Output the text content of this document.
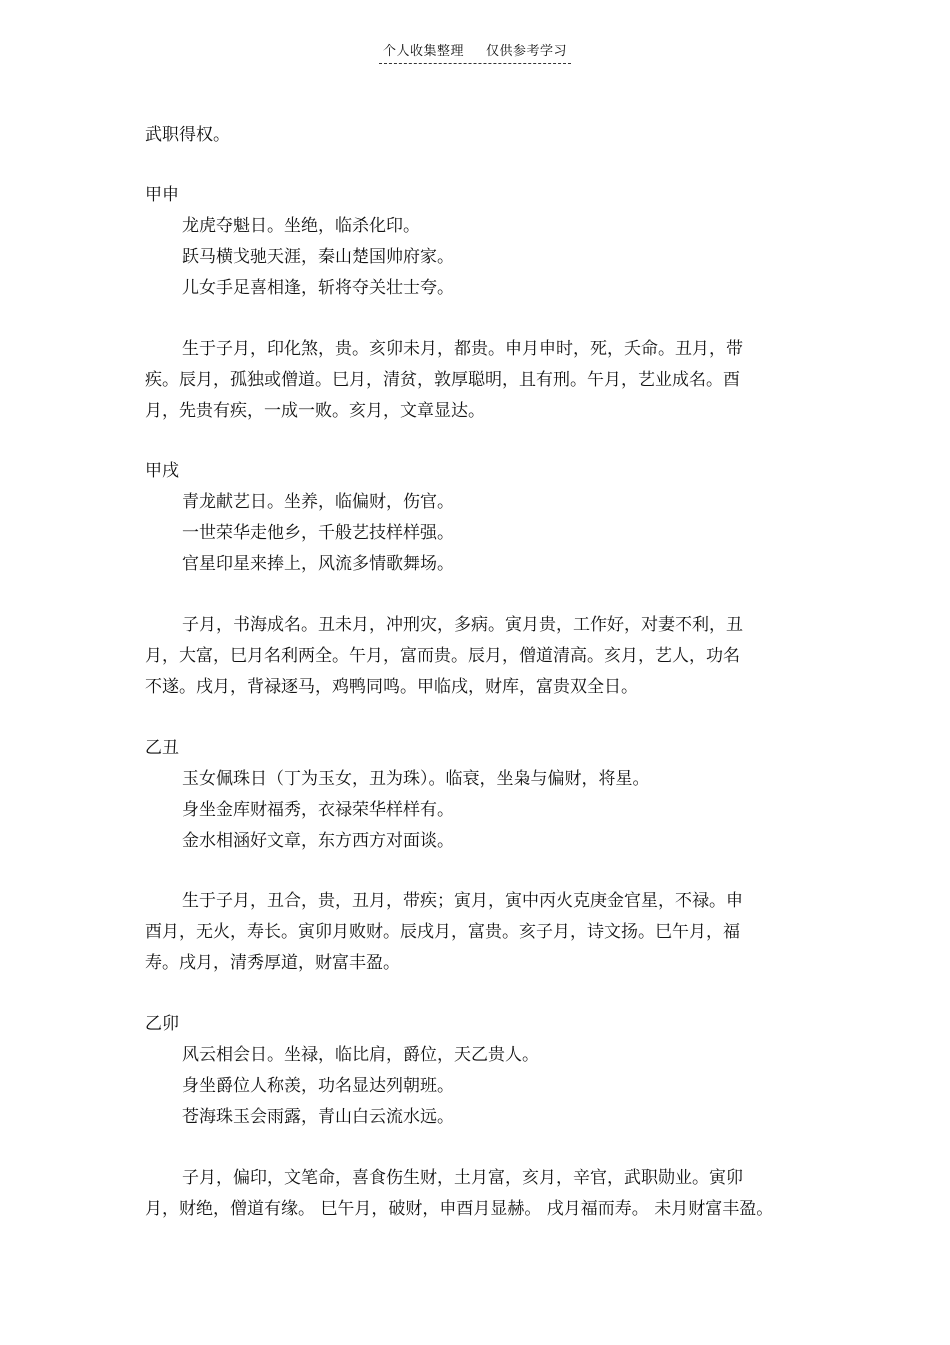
个人收集整理 仅供参考学习
武职得权。
甲申
龙虎夺魁日。坐绝，临杀化印。
跃马横戈驰天涯，秦山楚国帅府家。
儿女手足喜相逢，斩将夺关壮士夸。
生于子月，印化煞，贵。亥卯未月，都贵。申月申时，死，夭命。丑月，带
疾。辰月，孤独或僧道。巳月，清贫，敦厚聪明，且有刑。午月，艺业成名。酉
月，先贵有疾，一成一败。亥月，文章显达。
甲戌
青龙献艺日。坐养，临偏财，伤官。
一世荣华走他乡，千般艺技样样强。
官星印星来捧上，风流多情歌舞场。
子月，书海成名。丑未月，冲刑灾，多病。寅月贵，工作好，对妻不利，丑
月，大富，巳月名利两全。午月，富而贵。辰月，僧道清高。亥月，艺人，功名
不遂。戌月，背禄逐马，鸡鸭同鸣。甲临戌，财库，富贵双全日。
乙丑
玉女佩珠日（丁为玉女，丑为珠）。临衰，坐枭与偏财，将星。
身坐金库财福秀，衣禄荣华样样有。
金水相涵好文章，东方西方对面谈。
生于子月，丑合，贵，丑月，带疾；寅月，寅中丙火克庚金官星，不禄。申
酉月，无火，寿长。寅卯月败财。辰戌月，富贵。亥子月，诗文扬。巳午月，福
寿。戌月，清秀厚道，财富丰盈。
乙卯
风云相会日。坐禄，临比肩，爵位，天乙贵人。
身坐爵位人称羡，功名显达列朝班。
苍海珠玉会雨露，青山白云流水远。
子月，偏印，文笔命，喜食伤生财，土月富，亥月，辛官，武职勋业。寅卯
月，财绝，僧道有缘。 巳午月，破财，申酉月显赫。 戌月福而寿。 未月财富丰盈。
